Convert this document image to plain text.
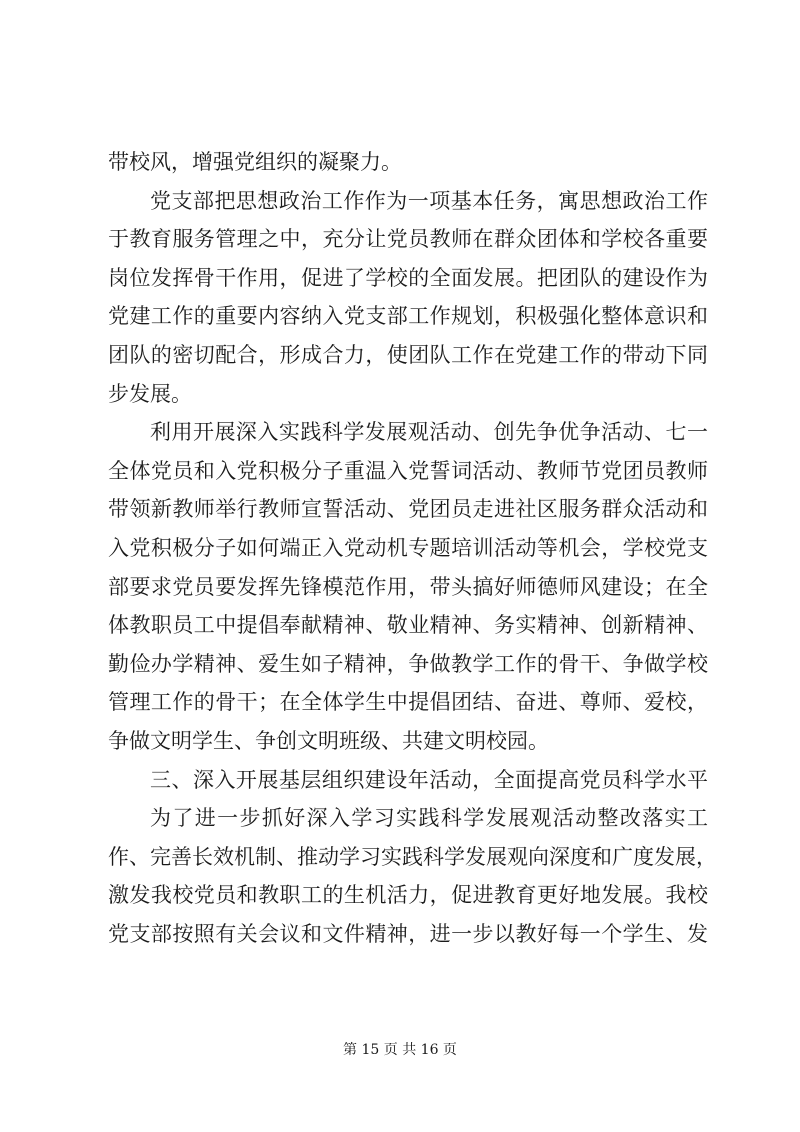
带校风，增强党组织的凝聚力。
党支部把思想政治工作作为一项基本任务，寓思想政治工作
于教育服务管理之中，充分让党员教师在群众团体和学校各重要
岗位发挥骨干作用，促进了学校的全面发展。把团队的建设作为
党建工作的重要内容纳入党支部工作规划，积极强化整体意识和
团队的密切配合，形成合力，使团队工作在党建工作的带动下同
步发展。
利用开展深入实践科学发展观活动、创先争优争活动、七一
全体党员和入党积极分子重温入党誓词活动、教师节党团员教师
带领新教师举行教师宣誓活动、党团员走进社区服务群众活动和
入党积极分子如何端正入党动机专题培训活动等机会，学校党支
部要求党员要发挥先锋模范作用，带头搞好师德师风建设；在全
体教职员工中提倡奉献精神、敬业精神、务实精神、创新精神、
勤俭办学精神、爱生如子精神，争做教学工作的骨干、争做学校
管理工作的骨干；在全体学生中提倡团结、奋进、尊师、爱校，
争做文明学生、争创文明班级、共建文明校园。
三、深入开展基层组织建设年活动，全面提高党员科学水平
为了进一步抓好深入学习实践科学发展观活动整改落实工
作、完善长效机制、推动学习实践科学发展观向深度和广度发展，
激发我校党员和教职工的生机活力，促进教育更好地发展。我校
党支部按照有关会议和文件精神，进一步以教好每一个学生、发
第 15 页 共 16 页
